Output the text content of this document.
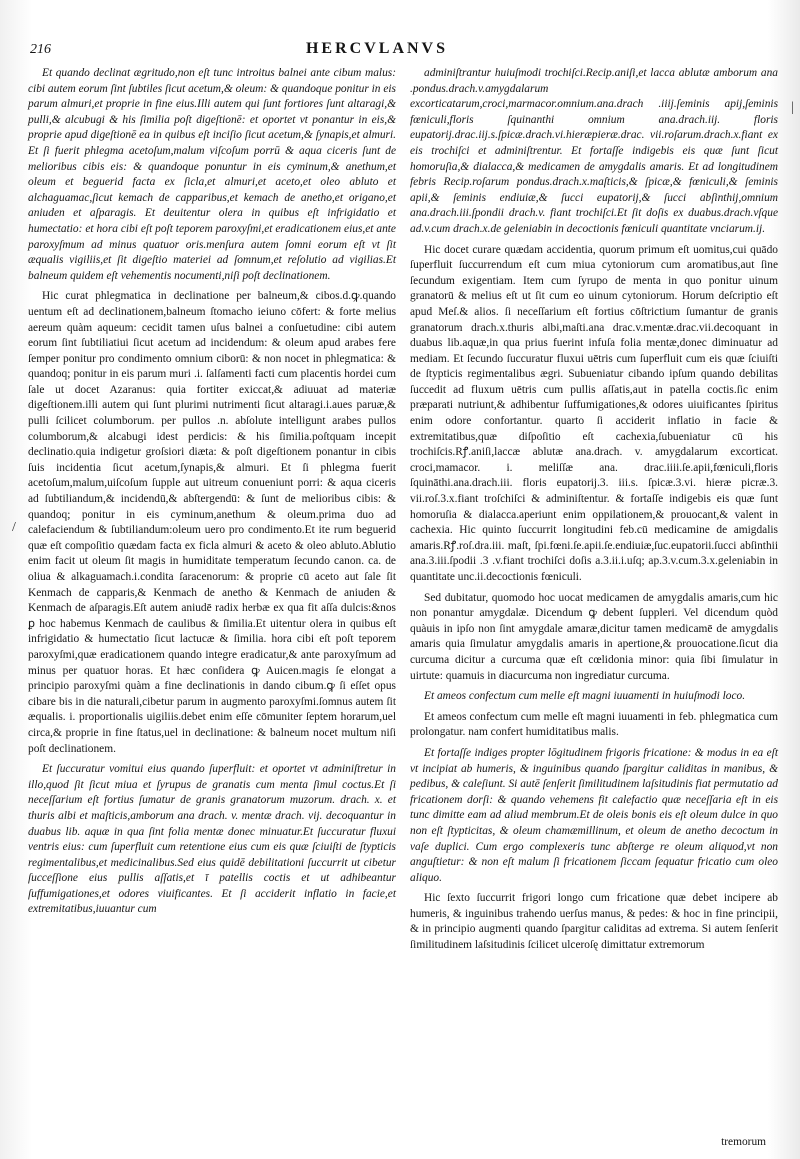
216	HERCVLANVS

Et quando declinat ægritudo,non eſt tunc introitus balnei ante cibum malus: cibi autem eorum ſint ſubtiles ſicut acetum,& oleum: & quandoque ponitur in eis parum almuri,et proprie in fine eius.Illi autem qui ſunt fortiores ſunt altaragi,& pulli,& alcubugi & his ſimilia poſt digeſtionē: et oportet vt ponantur in eis,& proprie apud digeſtionē ea in quibus eſt inciſio ſicut acetum,& ſynapis,et almuri. Et ſi fuerit phlegma acetoſum,malum viſcoſum porrū & aqua ciceris ſunt de melioribus cibis eis: & quandoque ponuntur in eis cyminum,& anethum,et oleum et beguerid facta ex ſicla,et almuri,et aceto,et oleo abluto et alchaguamac,ſicut kemach de capparibus,et kemach de anetho,et origano,et aniuden et aſparagis. Et deuitentur olera in quibus eſt infrigidatio et humectatio: et hora cibi eſt poſt teporem paroxyſmi,et eradicationem eius,et ante paroxyſmum ad minus quatuor oris.menſura autem ſomni eorum eſt vt ſit æqualis vigiliis,et ſit digeſtio materiei ad ſomnum,et reſolutio ad vigilias.Et balneum quidem eſt vehementis nocumenti,niſi poſt declinationem.

Hic curat phlegmatica in declinatione per balneum,& cibos.d.ꝙ.quando uentum eſt ad declinationem,balneum ſtomacho ieiuno cōfert: & forte melius aereum quàm aqueum: cecidit tamen uſus balnei a conſuetudine: cibi autem eorum ſint ſubtiliatiui ſicut acetum ad incidendum: & oleum apud arabes fere ſemper ponitur pro condimento omnium ciborū: & non nocet in phlegmatica: & quandoq; ponitur in eis parum muri .i. ſalſamenti facti cum placentis hordei cum ſale ut docet Azaranus: quia fortiter exiccat,& adiuuat ad materiæ digeſtionem.illi autem qui ſunt plurimi nutrimenti ſicut altaragi.i.aues paruæ,& pulli ſcilicet columborum. per pullos .n. abſolute intelligunt arabes pullos columborum,& alcabugi idest perdicis: & his ſimilia.poſtquam incepit declinatio.quia indigetur groſsiori diæta: & poſt digeſtionem ponantur in cibis ſuis incidentia ſicut acetum,ſynapis,& almuri. Et ſi phlegma fuerit acetoſum,malum,uiſcoſum ſupple aut uitreum conueniunt porri: & aqua ciceris ad ſubtiliandum,& incidendū,& abſtergendū: & ſunt de melioribus cibis: & quandoq; ponitur in eis cyminum,anethum & oleum.prima duo ad calefaciendum & ſubtiliandum:oleum uero pro condimento.Et ite rum beguerid quæ eſt compoſitio quædam facta ex ficla almuri & aceto & oleo abluto.Ablutio enim facit ut oleum ſit magis in humiditate temperatum ſecundo canon. ca. de oliua & alkaguamach.i.condita ſaracenorum: & proprie cū aceto aut ſale ſit Kenmach de capparis,& Kenmach de anetho & Kenmach de aniuden & Kenmach de aſparagis.Eſt autem aniudē radix herbæ ex qua fit aſſa dulcis:&nos ꝑ hoc habemus Kenmach de caulibus & ſimilia.Et uitentur olera in quibus eſt infrigidatio & humectatio ſicut lactucæ & ſimilia. hora cibi eſt poſt teporem paroxyſmi,quæ eradicationem quando integre eradicatur,& ante paroxyſmum ad minus per quatuor horas. Et hæc conſidera ꝙ Auicen.magis ſe elongat a principio paroxyſmi quàm a fine declinationis in dando cibum.ꝙ ſi eſſet opus cibare bis in die naturali,cibetur parum in augmento paroxyſmi.ſomnus autem ſit æqualis. i. proportionalis uigiliis.debet enim eſſe cōmuniter ſeptem horarum,uel circa,& proprie in fine ſtatus,uel in declinatione: & balneum nocet multum niſi poſt declinationem.

Et ſuccuratur vomitui eius quando ſuperfluit: et oportet vt adminiſtretur in illo,quod ſit ſicut miua et ſyrupus de granatis cum menta ſimul coctus.Et ſi neceſſarium eſt fortius ſumatur de granis granatorum muzorum. drach. x. et thuris albi et maſticis,amborum ana drach. v. mentæ drach. vij. decoquantur in duabus lib. aquæ in qua ſint folia mentæ donec minuatur.Et ſuccuratur fluxui ventris eius: cum ſuperfluit cum retentione eius cum eis quæ ſciuiſti de ſtypticis regimentalibus,et medicinalibus.Sed eius quidē debilitationi ſuccurrit ut cibetur ſucceſſione eius pullis aſſatis,et ī patellis coctis et ut adhibeantur ſuffumigationes,et odores viuificantes. Et ſi acciderit inflatio in facie,et extremitatibus,iuuantur cum

adminiſtrantur huiuſmodi trochiſci.Recip.aniſi,et lacca ablutæ amborum ana .pondus.drach.v.amygdalarum excorticatarum,croci,marmacor.omnium.ana.drach .iiij.ſeminis apij,ſeminis fœniculi,floris ſquinanthi omnium ana.drach.iij. floris eupatorij.drac.iij.s.ſpicæ.drach.vi.hieræpieræ.drac. vii.roſarum.drach.x.fiant ex eis trochiſci et adminiſtrentur. Et fortaſſe indigebis eis quæ ſunt ſicut homoruſia,& dialacca,& medicamen de amygdalis amaris. Et ad longitudinem febris Recip.roſarum pondus.drach.x.maſticis,& ſpicæ,& fœniculi,& ſeminis apii,& ſeminis endiuiæ,& ſucci eupatorij,& ſucci abſinthij,omnium ana.drach.iii.ſpondii drach.v. fiant trochiſci.Et ſit doſis ex duabus.drach.vſque ad.v.cum drach.x.de geleniabin in decoctionis fœniculi quantitate vnciarum.ij.

Hic docet curare quædam accidentia, quorum primum eſt uomitus,cui quādo ſuperfluit ſuccurrendum eſt cum miua cytoniorum cum aromatibus,aut ſine ſecundum exigentiam. Item cum ſyrupo de menta in quo ponitur uinum granatorū & melius eſt ut ſit cum eo uinum cytoniorum. Horum deſcriptio eſt apud Meſ.& alios. ſi neceſſarium eſt fortius cōſtrictium ſumantur de granis granatorum drach.x.thuris albi,maſti.ana drac.v.mentæ.drac.vii.decoquant in duabus lib.aquæ,in qua prius fuerint infuſa folia mentæ,donec diminuatur ad mediam. Et ſecundo ſuccuratur fluxui uētris cum ſuperfluit cum eis quæ ſciuiſti de ſtypticis regimentalibus ægri. Subueniatur cibando ipſum quando debilitas ſuccedit ad fluxum uētris cum pullis aſſatis,aut in patella coctis.ſic enim præparati nutriunt,& adhibentur ſuffumigationes,& odores uiuificantes ſpiritus enim odore confortantur. quarto ſi acciderit inflatio in facie & extremitatibus,quæ diſpoſitio eſt cachexia,ſubueniatur cū his trochiſcis.Rꝭ.aniſi,laccæ ablutæ ana.drach. v. amygdalarum excorticat. croci,mamacor. i. meliſſæ ana. drac.iiii.ſe.apii,fœniculi,floris ſquināthi.ana.drach.iii. floris eupatorij.3. iii.s. ſpicæ.3.vi. hieræ picræ.3. vii.roſ.3.x.fiant troſchiſci & adminiſtentur. & fortaſſe indigebis eis quæ ſunt homoruſia & dialacca.aperiunt enim oppilationem,& prouocant,& valent in cachexia. Hic quinto ſuccurrit longitudini feb.cū medicamine de amigdalis amaris.Rꝭ.roſ.dra.iii. maſt, ſpi.fœni.ſe.apii.ſe.endiuiæ,ſuc.eupatorii.ſucci abſinthii ana.3.iii.ſpodii .3 .v.fiant trochiſci doſis a.3.ii.i.uſq; ap.3.v.cum.3.x.geleniabin in quantitate unc.ii.decoctionis fœniculi.

Sed dubitatur, quomodo hoc uocat medicamen de amygdalis amaris,cum hic non ponantur amygdalæ. Dicendum ꝙ debent ſuppleri. Vel dicendum quòd quàuis in ipſo non ſint amygdale amaræ,dicitur tamen medicamē de amygdalis amaris quia ſimulatur amygdalis amaris in apertione,& prouocatione.ſicut dia curcuma dicitur a curcuma quæ eſt cœlidonia minor: quia ſibi ſimulatur in uirtute: quamuis in diacurcuma non ingrediatur curcuma.

Et ameos confectum cum melle eſt magni iuuamenti in huiuſmodi loco.

Et ameos confectum cum melle eſt magni iuuamenti in feb. phlegmatica cum prolongatur. nam confert humiditatibus malis.

Et fortaſſe indiges propter lōgitudinem frigoris fricatione: & modus in ea eſt vt incipiat ab humeris, & inguinibus quando ſpargitur caliditas in manibus, & pedibus, & caleſiunt. Si autē ſenſerit ſimilitudinem laſsitudinis fiat permutatio ad fricationem dorſi: & quando vehemens fit calefactio quæ neceſſaria eſt in eis tunc dimitte eam ad aliud membrum.Et de oleis bonis eis eſt oleum dulce in quo non eſt ſtypticitas, & oleum chamæmillinum, et oleum de anetho decoctum in vaſe duplici. Cum ergo complexeris tunc abſterge re oleum aliquod,vt non anguſtietur: & non eſt malum ſi fricationem ſiccam ſequatur fricatio cum oleo aliquo.

Hic ſexto ſuccurrit frigori longo cum fricatione quæ debet incipere ab humeris, & inguinibus trahendo uerſus manus, & pedes: & hoc in fine principii, & in principio augmenti quando ſpargitur caliditas ad extrema. Si autem ſenſerit ſimilitudinem laſsitudinis ſcilicet ulceroſę dimittatur extremorum

/
|
tremorum
